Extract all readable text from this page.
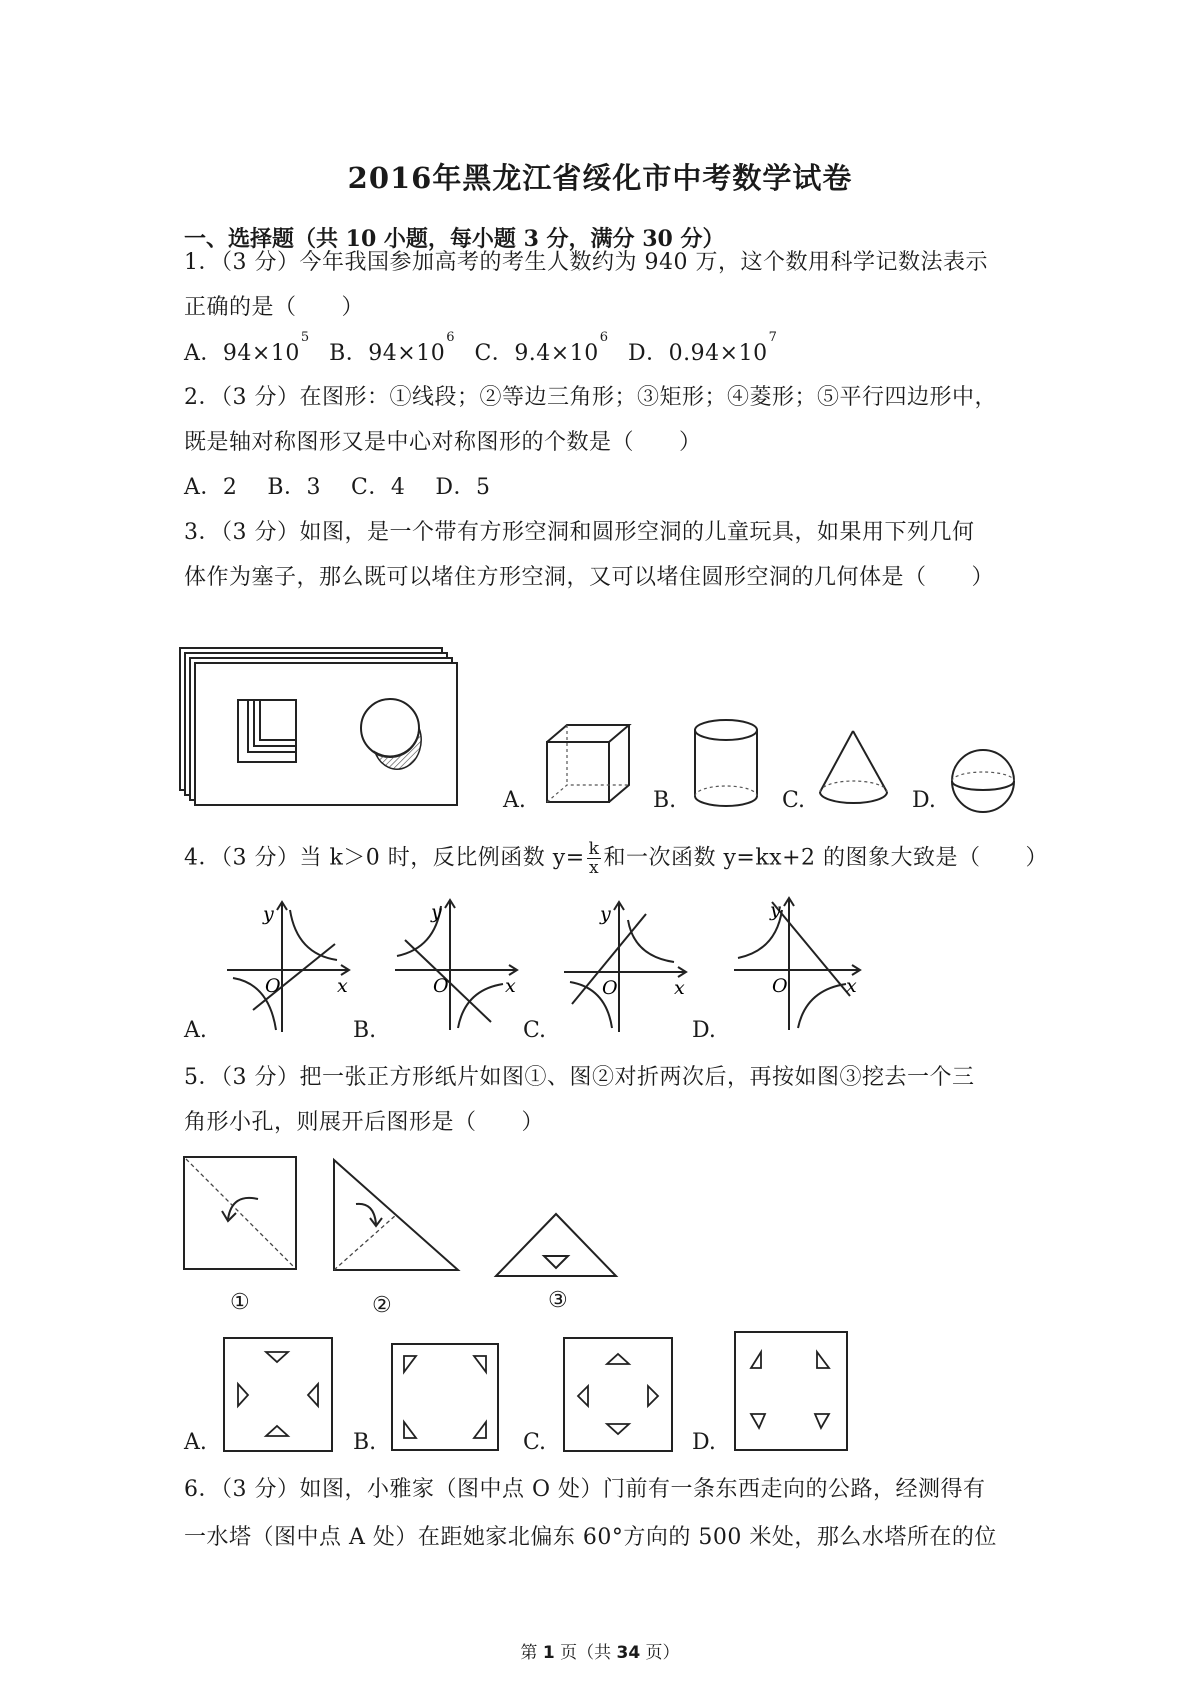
2016年黑龙江省绥化市中考数学试卷
一、选择题（共 10 小题，每小题 3 分，满分 30 分）
1．（3 分）今年我国参加高考的考生人数约为 940 万，这个数用科学记数法表示
正确的是（　　）
A．$94\times 10^5$ B．$94\times 10^6$ C．$9.4\times 10^6$ D．$0.94\times 10^7$
2．（3 分）在图形：①线段；②等边三角形；③矩形；④菱形；⑤平行四边形中，
既是轴对称图形又是中心对称图形的个数是（　　）
A．2　 B．3　 C．4　 D．5
3．（3 分）如图，是一个带有方形空洞和圆形空洞的儿童玩具，如果用下列几何
体作为塞子，那么既可以堵住方形空洞，又可以堵住圆形空洞的几何体是（　　）
A.	B.	C.	D.
4．（3 分）当 k＞0 时，反比例函数 $y= \frac{k}{x}$ 和一次函数 y=kx+2 的图象大致是（　　）
A.
y
x
O
B.
y
x
O
C.
y
x
O
D.
y
x
O
5．（3 分）把一张正方形纸片如图①、图②对折两次后，再按如图③挖去一个三
角形小孔，则展开后图形是（　　）
①	②	③
A.	B.	C.	D.
6．（3 分）如图，小雅家（图中点 O 处）门前有一条东西走向的公路，经测得有
一水塔（图中点 A 处）在距她家北偏东 60°方向的 500 米处，那么水塔所在的位
第 1 页（共 34 页）
